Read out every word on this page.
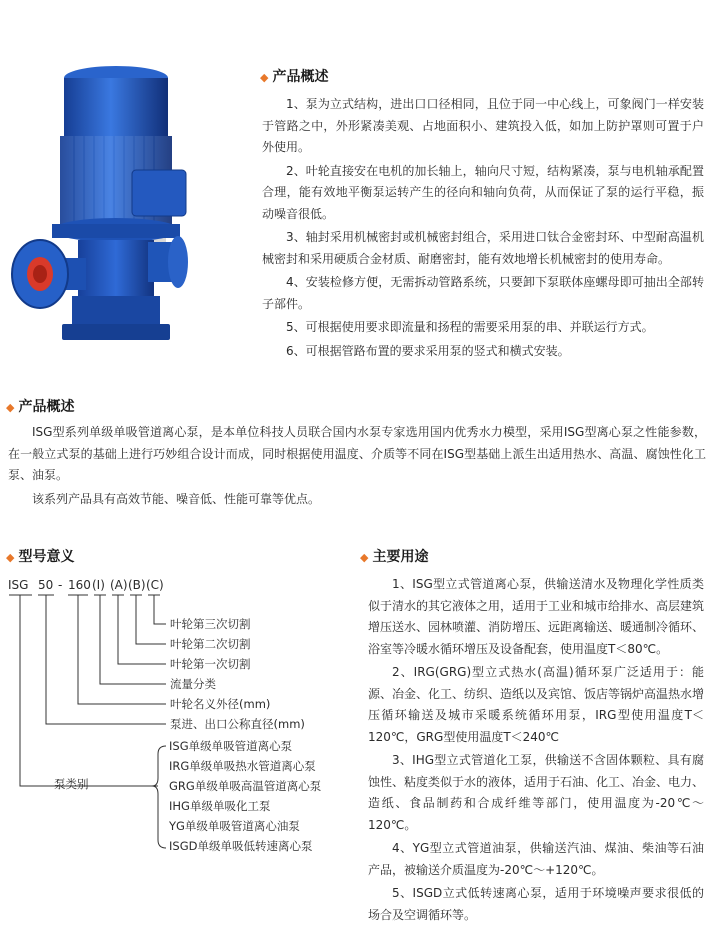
◆ 产品概述

1、泵为立式结构，进出口口径相同，且位于同一中心线上，可象阀门一样安装于管路之中，外形紧凑美观、占地面积小、建筑投入低，如加上防护罩则可置于户外使用。

2、叶轮直接安在电机的加长轴上，轴向尺寸短，结构紧凑，泵与电机轴承配置合理，能有效地平衡泵运转产生的径向和轴向负荷，从而保证了泵的运行平稳，振动噪音很低。

3、轴封采用机械密封或机械密封组合，采用进口钛合金密封环、中型耐高温机械密封和采用硬质合金材质、耐磨密封，能有效地增长机械密封的使用寿命。

4、安装检修方便，无需拆动管路系统，只要卸下泵联体座螺母即可抽出全部转子部件。

5、可根据使用要求即流量和扬程的需要采用泵的串、并联运行方式。

6、可根据管路布置的要求采用泵的竖式和横式安装。

◆ 产品概述

ISG型系列单级单吸管道离心泵，是本单位科技人员联合国内水泵专家选用国内优秀水力模型，采用ISG型离心泵之性能参数，在一般立式泵的基础上进行巧妙组合设计而成，同时根据使用温度、介质等不同在ISG型基础上派生出适用热水、高温、腐蚀性化工泵、油泵。

该系列产品具有高效节能、噪音低、性能可靠等优点。

◆ 型号意义
ISG 50 - 160 (I) (A) (B) (C)
叶轮第三次切割
叶轮第二次切割
叶轮第一次切割
流量分类
叶轮名义外径(mm)
泵进、出口公称直径(mm)
泵类别
ISG单级单吸管道离心泵
IRG单级单吸热水管道离心泵
GRG单级单吸高温管道离心泵
IHG单级单吸化工泵
YG单级单吸管道离心油泵
ISGD单级单吸低转速离心泵
◆ 主要用途

1、ISG型立式管道离心泵，供输送清水及物理化学性质类似于清水的其它液体之用，适用于工业和城市给排水、高层建筑增压送水、园林喷灌、消防增压、远距离输送、暖通制冷循环、浴室等冷暖水循环增压及设备配套，使用温度T＜80℃。

2、IRG(GRG)型立式热水(高温)循环泵广泛适用于：能源、冶金、化工、纺织、造纸以及宾馆、饭店等锅炉高温热水增压循环输送及城市采暖系统循环用泵，IRG型使用温度T＜120℃，GRG型使用温度T＜240℃

3、IHG型立式管道化工泵，供输送不含固体颗粒、具有腐蚀性、粘度类似于水的液体，适用于石油、化工、冶金、电力、造纸、食品制药和合成纤维等部门，使用温度为-20℃～120℃。

4、YG型立式管道油泵，供输送汽油、煤油、柴油等石油产品，被输送介质温度为-20℃～+120℃。

5、ISGD立式低转速离心泵，适用于环境噪声要求很低的场合及空调循环等。
